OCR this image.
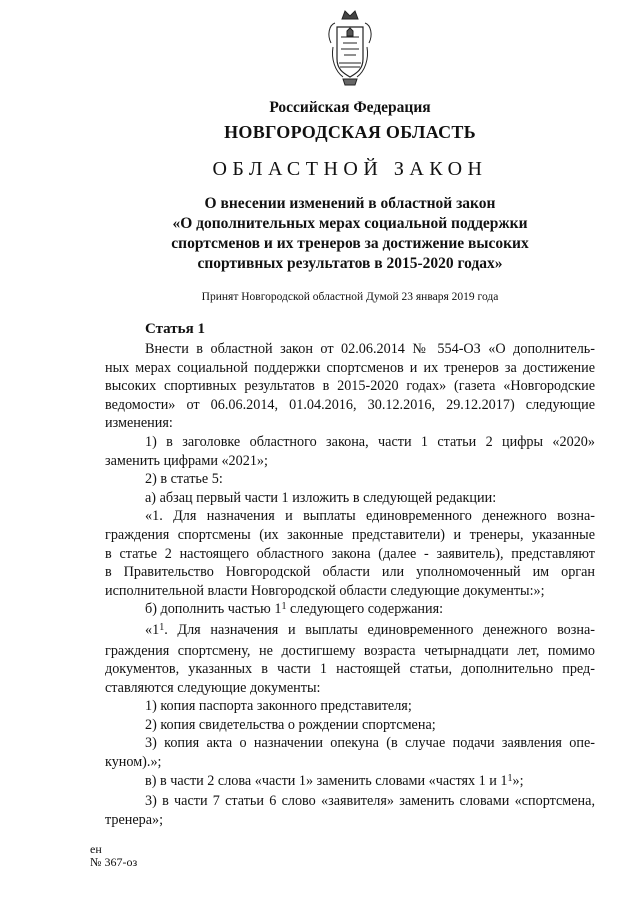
Российская Федерация
НОВГОРОДСКАЯ ОБЛАСТЬ
ОБЛАСТНОЙ ЗАКОН
О внесении изменений в областной закон
«О дополнительных мерах социальной поддержки
спортсменов и их тренеров за достижение высоких
спортивных результатов в 2015-2020 годах»
Принят Новгородской областной Думой 23 января 2019 года
Статья 1
Внести в областной закон от 02.06.2014 № 554-ОЗ «О дополнитель-
ных мерах социальной поддержки спортсменов и их тренеров за достижение
высоких спортивных результатов в 2015-2020 годах» (газета «Новгородские
ведомости» от 06.06.2014, 01.04.2016, 30.12.2016, 29.12.2017) следующие
изменения:
1) в заголовке областного закона, части 1 статьи 2 цифры «2020»
заменить цифрами «2021»;
2) в статье 5:
а) абзац первый части 1 изложить в следующей редакции:
«1. Для назначения и выплаты единовременного денежного возна-
граждения спортсмены (их законные представители) и тренеры, указанные
в статье 2 настоящего областного закона (далее - заявитель), представляют
в Правительство Новгородской области или уполномоченный им орган
исполнительной власти Новгородской области следующие документы:»;
б) дополнить частью $1^1$ следующего содержания:
«$1^1$. Для назначения и выплаты единовременного денежного возна-
граждения спортсмену, не достигшему возраста четырнадцати лет, помимо
документов, указанных в части 1 настоящей статьи, дополнительно пред-
ставляются следующие документы:
1) копия паспорта законного представителя;
2) копия свидетельства о рождении спортсмена;
3) копия акта о назначении опекуна (в случае подачи заявления опе-
куном).»;
в) в части 2 слова «части 1» заменить словами «частях 1 и $1^1$»;
3) в части 7 статьи 6 слово «заявителя» заменить словами «спортсмена,
тренера»;
ен
№ 367-оз
